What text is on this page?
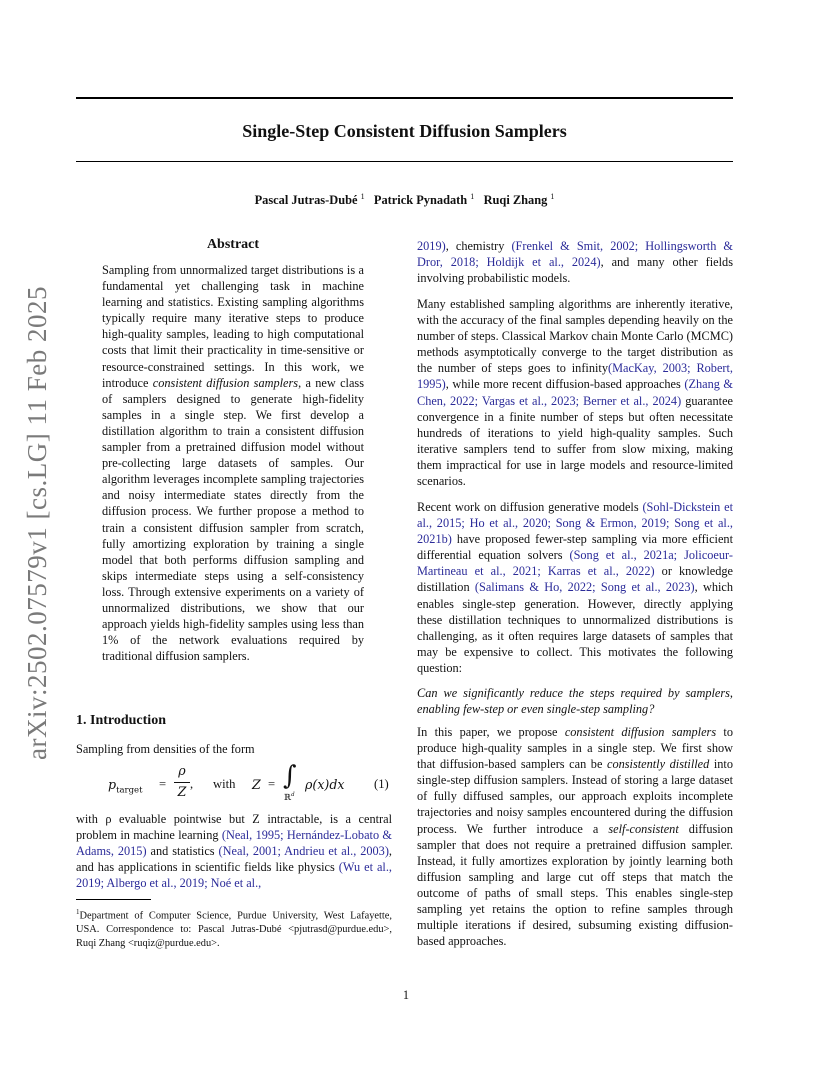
arXiv:2502.07579v1 [cs.LG] 11 Feb 2025
Single-Step Consistent Diffusion Samplers
Pascal Jutras-Dubé $^1$ Patrick Pynadath $^1$ Ruqi Zhang $^1$
Abstract

Sampling from unnormalized target distributions is a fundamental yet challenging task in machine learning and statistics. Existing sampling algorithms typically require many iterative steps to produce high-quality samples, leading to high computational costs that limit their practicality in time-sensitive or resource-constrained settings. In this work, we introduce consistent diffusion samplers, a new class of samplers designed to generate high-fidelity samples in a single step. We first develop a distillation algorithm to train a consistent diffusion sampler from a pretrained diffusion model without pre-collecting large datasets of samples. Our algorithm leverages incomplete sampling trajectories and noisy intermediate states directly from the diffusion process. We further propose a method to train a consistent diffusion sampler from scratch, fully amortizing exploration by training a single model that both performs diffusion sampling and skips intermediate steps using a self-consistency loss. Through extensive experiments on a variety of unnormalized distributions, we show that our approach yields high-fidelity samples using less than 1% of the network evaluations required by traditional diffusion samplers.

1. Introduction

Sampling from densities of the form

$p_{target}$ =
ρ
Z , with Z = ∫
ℝ$^d$
ρ(x)dx (1)

with ρ evaluable pointwise but Z intractable, is a central problem in machine learning (Neal, 1995; Hernández-Lobato & Adams, 2015) and statistics (Neal, 2001; Andrieu et al., 2003), and has applications in scientific fields like physics (Wu et al., 2019; Albergo et al., 2019; Noé et al.,

$^1$Department of Computer Science, Purdue University, West Lafayette, USA. Correspondence to: Pascal Jutras-Dubé <pjutrasd@purdue.edu>, Ruqi Zhang <ruqiz@purdue.edu>.

2019), chemistry (Frenkel & Smit, 2002; Hollingsworth & Dror, 2018; Holdijk et al., 2024), and many other fields involving probabilistic models.

Many established sampling algorithms are inherently iterative, with the accuracy of the final samples depending heavily on the number of steps. Classical Markov chain Monte Carlo (MCMC) methods asymptotically converge to the target distribution as the number of steps goes to infinity(MacKay, 2003; Robert, 1995), while more recent diffusion-based approaches (Zhang & Chen, 2022; Vargas et al., 2023; Berner et al., 2024) guarantee convergence in a finite number of steps but often necessitate hundreds of iterations to yield high-quality samples. Such iterative samplers tend to suffer from slow mixing, making them impractical for use in large models and resource-limited scenarios.

Recent work on diffusion generative models (Sohl-Dickstein et al., 2015; Ho et al., 2020; Song & Ermon, 2019; Song et al., 2021b) have proposed fewer-step sampling via more efficient differential equation solvers (Song et al., 2021a; Jolicoeur-Martineau et al., 2021; Karras et al., 2022) or knowledge distillation (Salimans & Ho, 2022; Song et al., 2023), which enables single-step generation. However, directly applying these distillation techniques to unnormalized distributions is challenging, as it often requires large datasets of samples that may be expensive to collect. This motivates the following question:

Can we significantly reduce the steps required by samplers, enabling few-step or even single-step sampling?

In this paper, we propose consistent diffusion samplers to produce high-quality samples in a single step. We first show that diffusion-based samplers can be consistently distilled into single-step diffusion samplers. Instead of storing a large dataset of fully diffused samples, our approach exploits incomplete trajectories and noisy samples encountered during the diffusion process. We further introduce a self-consistent diffusion sampler that does not require a pretrained diffusion sampler. Instead, it fully amortizes exploration by jointly learning both diffusion sampling and large cut off steps that match the outcome of paths of small steps. This enables single-step sampling yet retains the option to refine samples through multiple iterations if desired, subsuming existing diffusion-based approaches.

1
